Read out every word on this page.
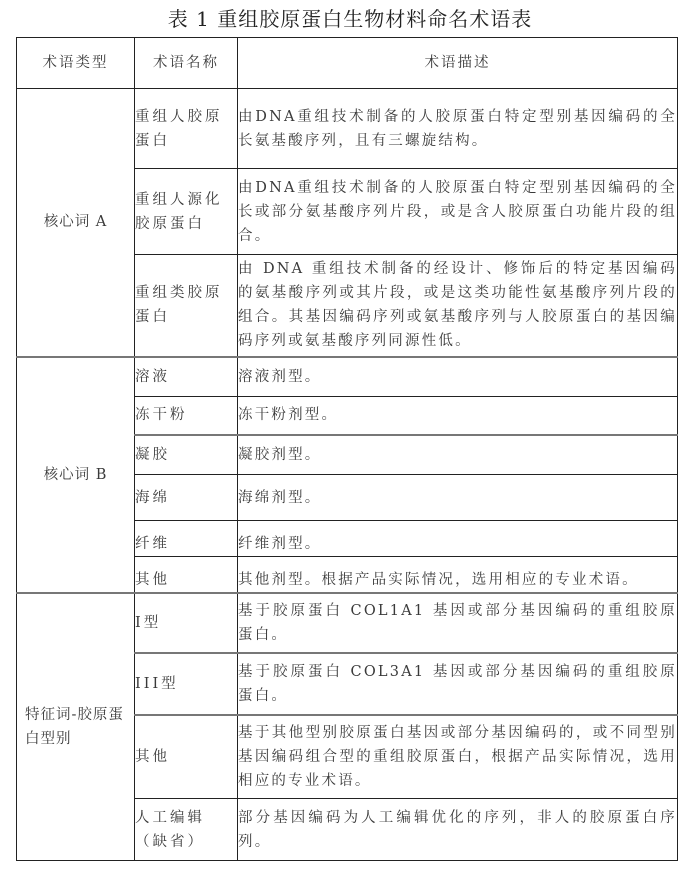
表 1 重组胶原蛋白生物材料命名术语表
术语类型	术语名称	术语描述
核心词 A	重组人胶原蛋白	由DNA重组技术制备的人胶原蛋白特定型别基因编码的全长氨基酸序列，且有三螺旋结构。
	重组人源化胶原蛋白	由DNA重组技术制备的人胶原蛋白特定型别基因编码的全长或部分氨基酸序列片段，或是含人胶原蛋白功能片段的组合。
	重组类胶原蛋白	由 DNA 重组技术制备的经设计、修饰后的特定基因编码的氨基酸序列或其片段，或是这类功能性氨基酸序列片段的组合。其基因编码序列或氨基酸序列与人胶原蛋白的基因编码序列或氨基酸序列同源性低。
核心词 B	溶液	溶液剂型。
	冻干粉	冻干粉剂型。
	凝胶	凝胶剂型。
	海绵	海绵剂型。
	纤维	纤维剂型。
	其他	其他剂型。根据产品实际情况，选用相应的专业术语。
特征词-胶原蛋白型别	I型	基于胶原蛋白 COL1A1 基因或部分基因编码的重组胶原蛋白。
	III型	基于胶原蛋白 COL3A1 基因或部分基因编码的重组胶原蛋白。
	其他	基于其他型别胶原蛋白基因或部分基因编码的，或不同型别基因编码组合型的重组胶原蛋白，根据产品实际情况，选用相应的专业术语。
	人工编辑（缺省）	部分基因编码为人工编辑优化的序列，非人的胶原蛋白序列。
